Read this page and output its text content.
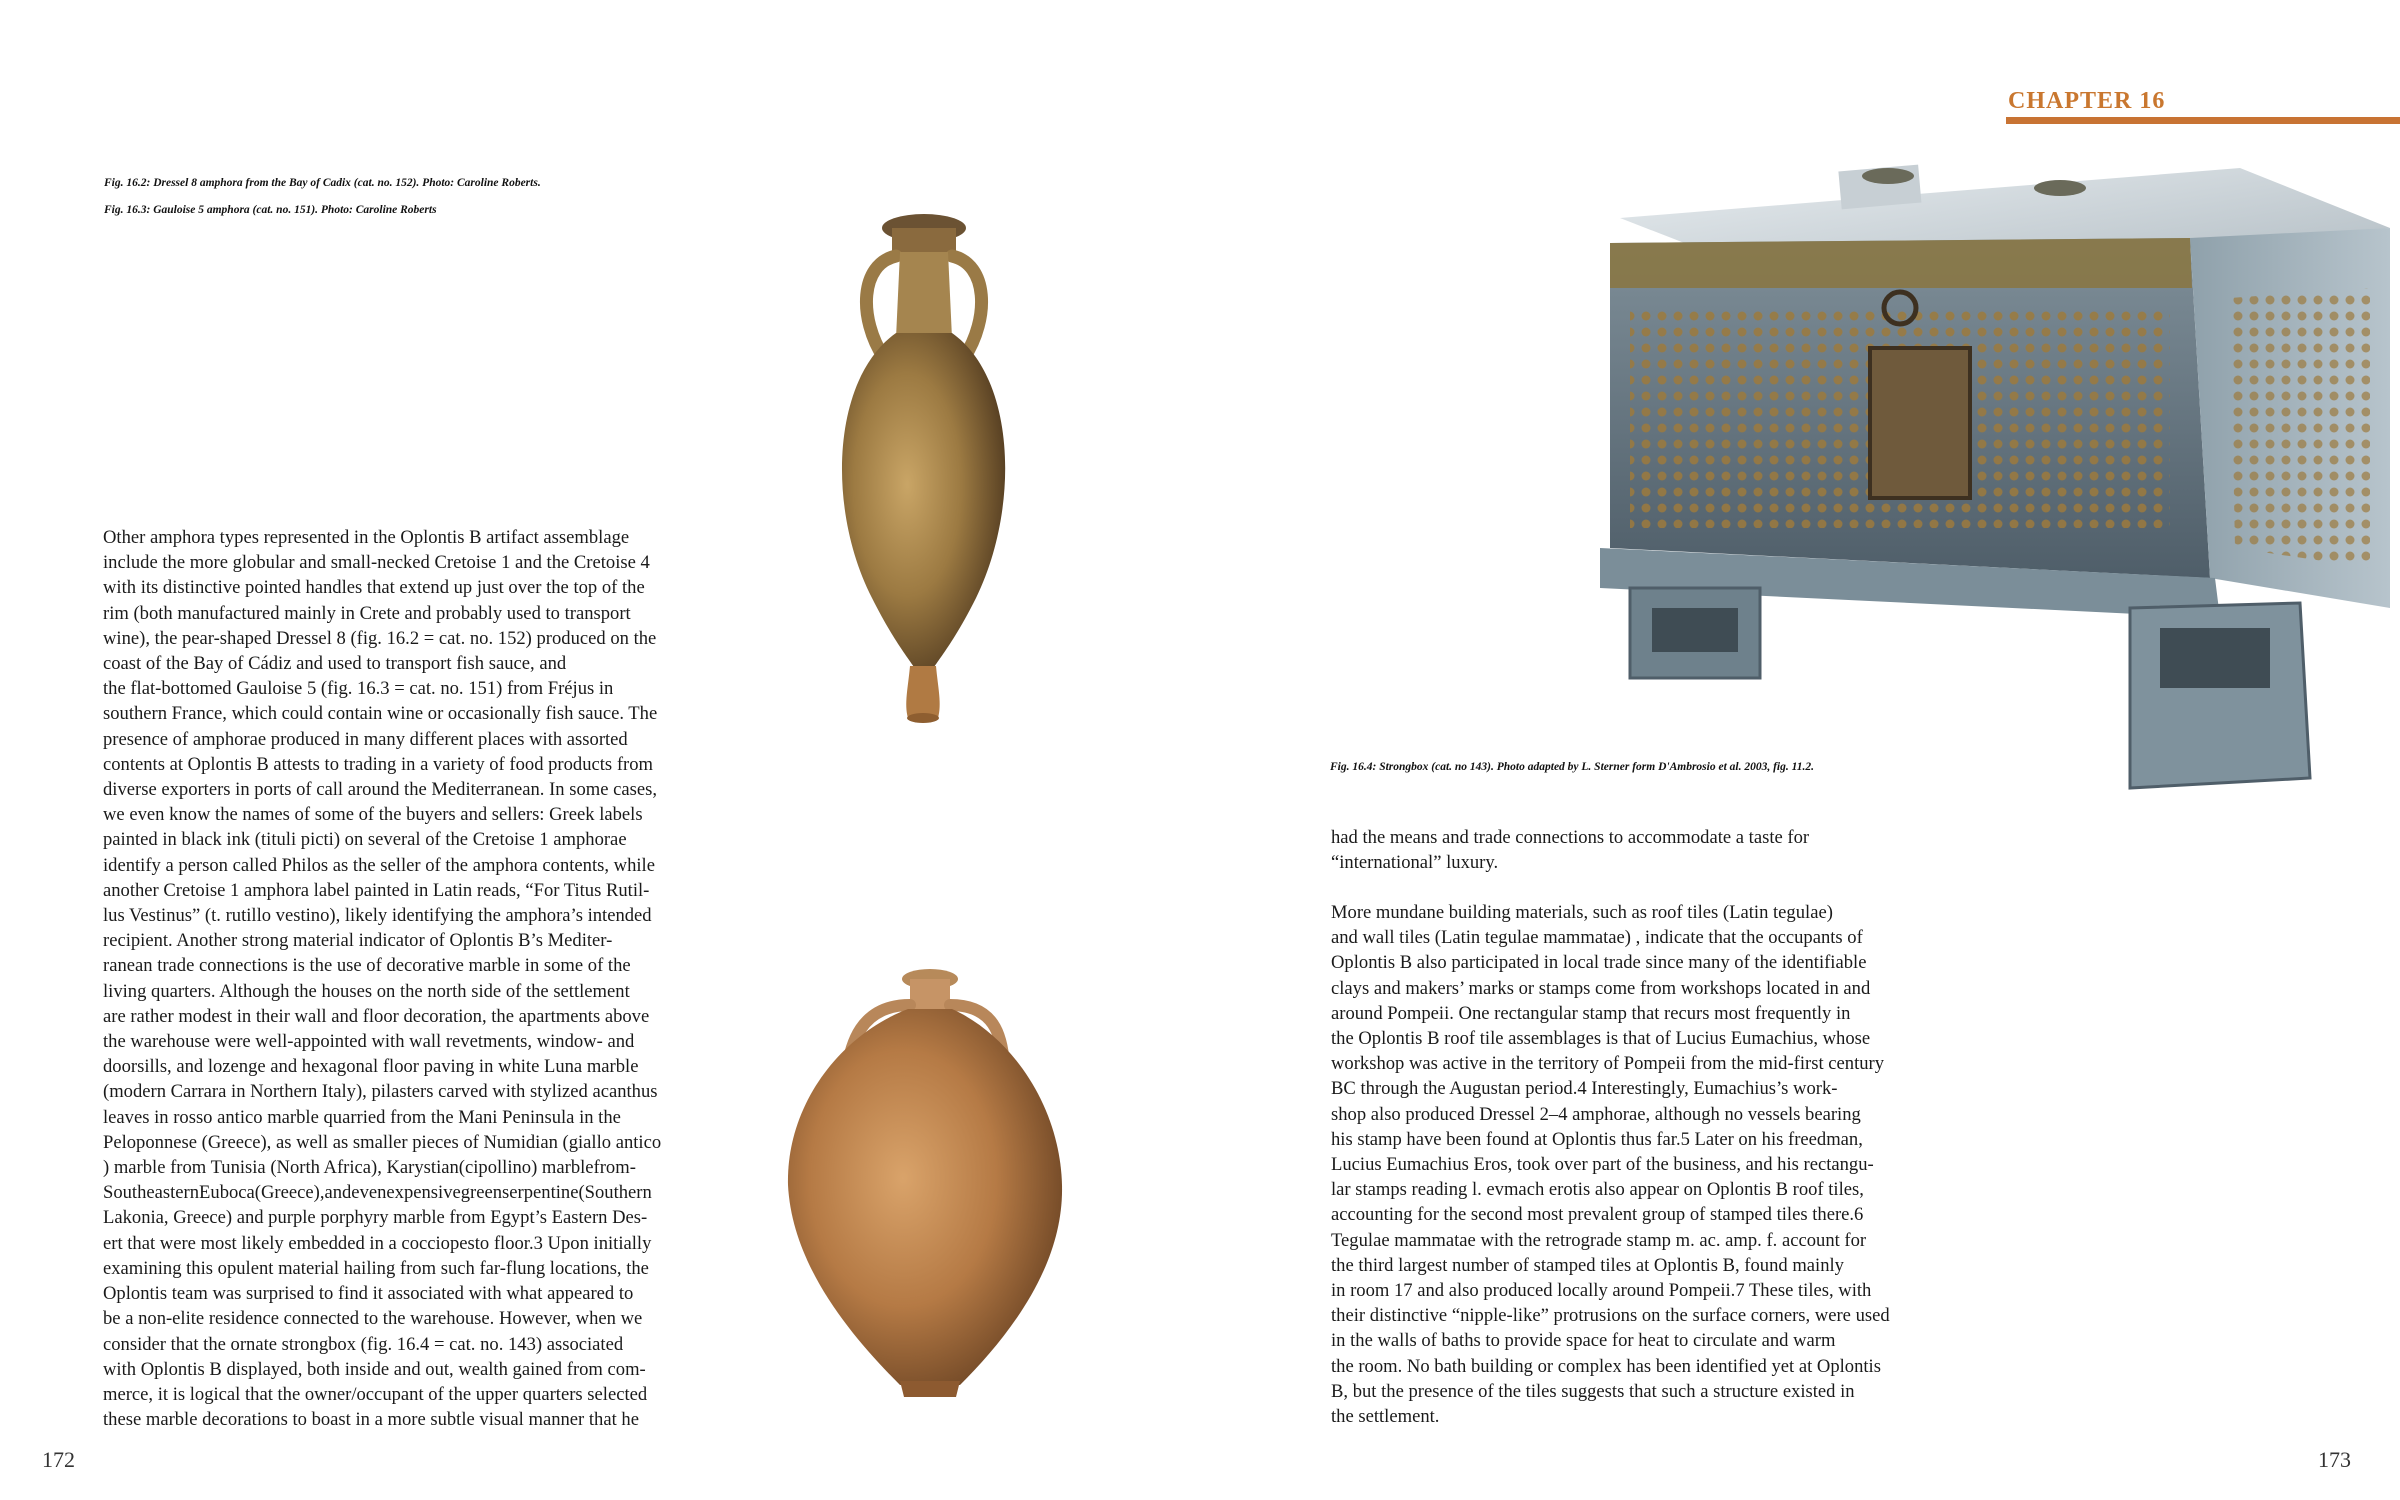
CHAPTER 16
Fig. 16.2: Dressel 8 amphora from the Bay of Cadix (cat. no. 152). Photo: Caroline Roberts.
Fig. 16.3: Gauloise 5 amphora (cat. no. 151). Photo: Caroline Roberts
Fig. 16.4: Strongbox (cat. no 143). Photo adapted by L. Sterner form D'Ambrosio et al. 2003, fig. 11.2.
Other amphora types represented in the Oplontis B artifact assemblage
include the more globular and small-necked Cretoise 1 and the Cretoise 4
with its distinctive pointed handles that extend up just over the top of the
rim (both manufactured mainly in Crete and probably used to transport
wine), the pear-shaped Dressel 8 (fig. 16.2 = cat. no. 152) produced on the
coast of the Bay of Cádiz and used to transport fish sauce, and
the flat-bottomed Gauloise 5 (fig. 16.3 = cat. no. 151) from Fréjus in
southern France, which could contain wine or occasionally fish sauce. The
presence of amphorae produced in many different places with assorted
contents at Oplontis B attests to trading in a variety of food products from
diverse exporters in ports of call around the Mediterranean. In some cases,
we even know the names of some of the buyers and sellers: Greek labels
painted in black ink (tituli picti) on several of the Cretoise 1 amphorae
identify a person called Philos as the seller of the amphora contents, while
another Cretoise 1 amphora label painted in Latin reads, “For Titus Rutil-
lus Vestinus” (t. rutillo vestino), likely identifying the amphora’s intended
recipient. Another strong material indicator of Oplontis B’s Mediter-
ranean trade connections is the use of decorative marble in some of the
living quarters. Although the houses on the north side of the settlement
are rather modest in their wall and floor decoration, the apartments above
the warehouse were well-appointed with wall revetments, window- and
doorsills, and lozenge and hexagonal floor paving in white Luna marble
(modern Carrara in Northern Italy), pilasters carved with stylized acanthus
leaves in rosso antico marble quarried from the Mani Peninsula in the
Peloponnese (Greece), as well as smaller pieces of Numidian (giallo antico
) marble from Tunisia (North Africa), Karystian(cipollino) marblefrom-
SoutheasternEuboca(Greece),andevenexpensivegreenserpentine(Southern
Lakonia, Greece) and purple porphyry marble from Egypt’s Eastern Des-
ert that were most likely embedded in a cocciopesto floor.3 Upon initially
examining this opulent material hailing from such far-flung locations, the
Oplontis team was surprised to find it associated with what appeared to
be a non-elite residence connected to the warehouse. However, when we
consider that the ornate strongbox (fig. 16.4 = cat. no. 143) associated
with Oplontis B displayed, both inside and out, wealth gained from com-
merce, it is logical that the owner/occupant of the upper quarters selected
these marble decorations to boast in a more subtle visual manner that he
had the means and trade connections to accommodate a taste for
“international” luxury.
More mundane building materials, such as roof tiles (Latin tegulae)
and wall tiles (Latin tegulae mammatae) , indicate that the occupants of
Oplontis B also participated in local trade since many of the identifiable
clays and makers’ marks or stamps come from workshops located in and
around Pompeii. One rectangular stamp that recurs most frequently in
the Oplontis B roof tile assemblages is that of Lucius Eumachius, whose
workshop was active in the territory of Pompeii from the mid-first century
BC through the Augustan period.4 Interestingly, Eumachius’s work-
shop also produced Dressel 2–4 amphorae, although no vessels bearing
his stamp have been found at Oplontis thus far.5 Later on his freedman,
Lucius Eumachius Eros, took over part of the business, and his rectangu-
lar stamps reading l. evmach erotis also appear on Oplontis B roof tiles,
accounting for the second most prevalent group of stamped tiles there.6
Tegulae mammatae with the retrograde stamp m. ac. amp. f. account for
the third largest number of stamped tiles at Oplontis B, found mainly
in room 17 and also produced locally around Pompeii.7 These tiles, with
their distinctive “nipple-like” protrusions on the surface corners, were used
in the walls of baths to provide space for heat to circulate and warm
the room. No bath building or complex has been identified yet at Oplontis
B, but the presence of the tiles suggests that such a structure existed in
the settlement.
172	173
